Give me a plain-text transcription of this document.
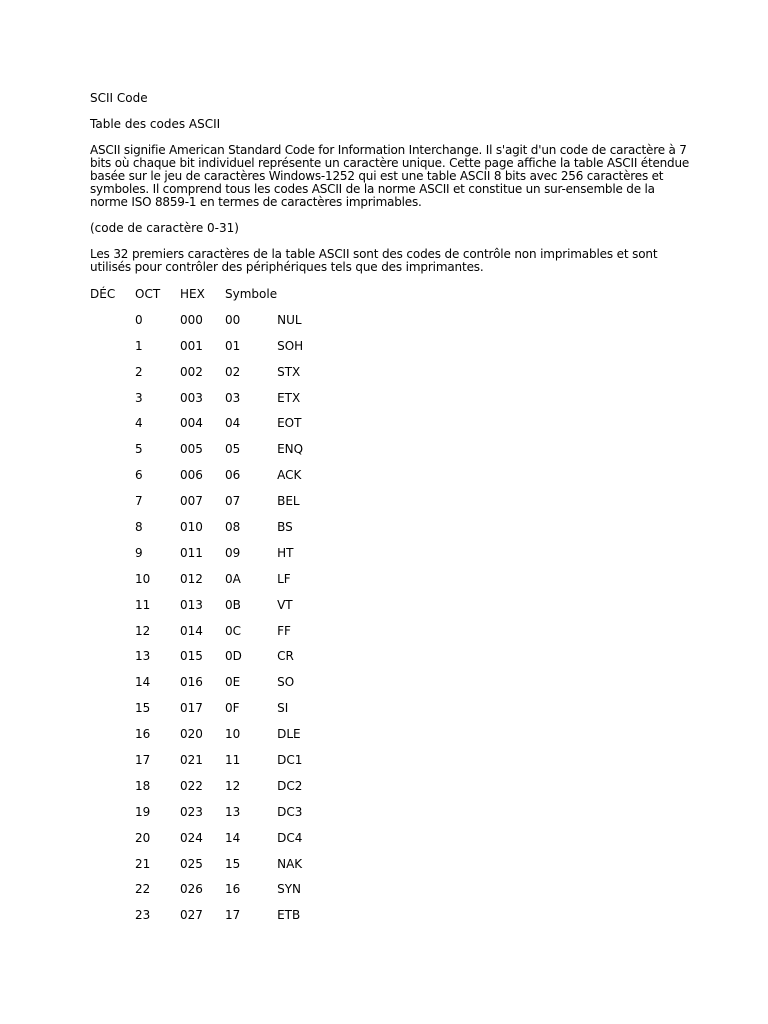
SCII Code

Table des codes ASCII

ASCII signifie American Standard Code for Information Interchange. Il s'agit d'un code de caractère à 7 bits où chaque bit individuel représente un caractère unique. Cette page affiche la table ASCII étendue basée sur le jeu de caractères Windows-1252 qui est une table ASCII 8 bits avec 256 caractères et symboles. Il comprend tous les codes ASCII de la norme ASCII et constitue un sur-ensemble de la norme ISO 8859-1 en termes de caractères imprimables.

(code de caractère 0-31)

Les 32 premiers caractères de la table ASCII sont des codes de contrôle non imprimables et sont utilisés pour contrôler des périphériques tels que des imprimantes.

DÉC	OCT	HEX	Symbole	
	0	000	00	NUL
	1	001	01	SOH
	2	002	02	STX
	3	003	03	ETX
	4	004	04	EOT
	5	005	05	ENQ
	6	006	06	ACK
	7	007	07	BEL
	8	010	08	BS
	9	011	09	HT
	10	012	0A	LF
	11	013	0B	VT
	12	014	0C	FF
	13	015	0D	CR
	14	016	0E	SO
	15	017	0F	SI
	16	020	10	DLE
	17	021	11	DC1
	18	022	12	DC2
	19	023	13	DC3
	20	024	14	DC4
	21	025	15	NAK
	22	026	16	SYN
	23	027	17	ETB
